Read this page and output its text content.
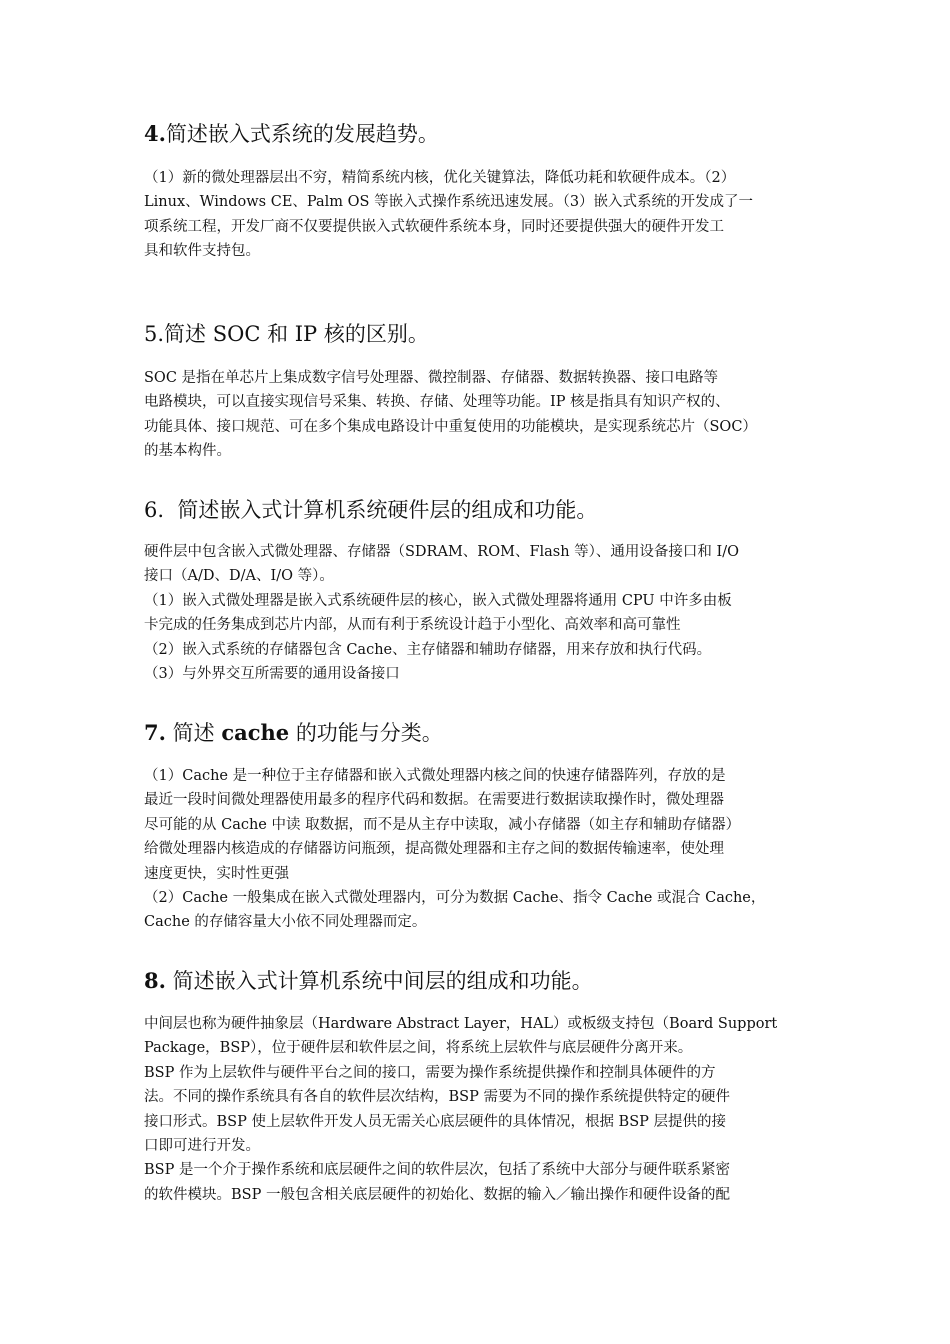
4.简述嵌入式系统的发展趋势。
（1）新的微处理器层出不穷，精简系统内核，优化关键算法，降低功耗和软硬件成本。（2）
Linux、Windows CE、Palm OS 等嵌入式操作系统迅速发展。（3）嵌入式系统的开发成了一
项系统工程，开发厂商不仅要提供嵌入式软硬件系统本身，同时还要提供强大的硬件开发工
具和软件支持包。
5.简述 SOC 和 IP 核的区别。
SOC 是指在单芯片上集成数字信号处理器、微控制器、存储器、数据转换器、接口电路等
电路模块，可以直接实现信号采集、转换、存储、处理等功能。IP 核是指具有知识产权的、
功能具体、接口规范、可在多个集成电路设计中重复使用的功能模块，是实现系统芯片（SOC）
的基本构件。
6. 简述嵌入式计算机系统硬件层的组成和功能。
硬件层中包含嵌入式微处理器、存储器（SDRAM、ROM、Flash 等）、通用设备接口和 I/O
接口（A/D、D/A、I/O 等）。
（1）嵌入式微处理器是嵌入式系统硬件层的核心，嵌入式微处理器将通用 CPU 中许多由板
卡完成的任务集成到芯片内部，从而有利于系统设计趋于小型化、高效率和高可靠性
（2）嵌入式系统的存储器包含 Cache、主存储器和辅助存储器，用来存放和执行代码。
（3）与外界交互所需要的通用设备接口
7. 简述 cache 的功能与分类。
（1）Cache 是一种位于主存储器和嵌入式微处理器内核之间的快速存储器阵列，存放的是
最近一段时间微处理器使用最多的程序代码和数据。在需要进行数据读取操作时，微处理器
尽可能的从 Cache 中读 取数据，而不是从主存中读取，减小存储器（如主存和辅助存储器）
给微处理器内核造成的存储器访问瓶颈，提高微处理器和主存之间的数据传输速率，使处理
速度更快，实时性更强
（2）Cache 一般集成在嵌入式微处理器内，可分为数据 Cache、指令 Cache 或混合 Cache，
Cache 的存储容量大小依不同处理器而定。
8. 简述嵌入式计算机系统中间层的组成和功能。
中间层也称为硬件抽象层（Hardware Abstract Layer，HAL）或板级支持包（Board Support
Package，BSP），位于硬件层和软件层之间，将系统上层软件与底层硬件分离开来。
BSP 作为上层软件与硬件平台之间的接口，需要为操作系统提供操作和控制具体硬件的方
法。不同的操作系统具有各自的软件层次结构，BSP 需要为不同的操作系统提供特定的硬件
接口形式。BSP 使上层软件开发人员无需关心底层硬件的具体情况，根据 BSP 层提供的接
口即可进行开发。
BSP 是一个介于操作系统和底层硬件之间的软件层次，包括了系统中大部分与硬件联系紧密
的软件模块。BSP 一般包含相关底层硬件的初始化、数据的输入／输出操作和硬件设备的配
